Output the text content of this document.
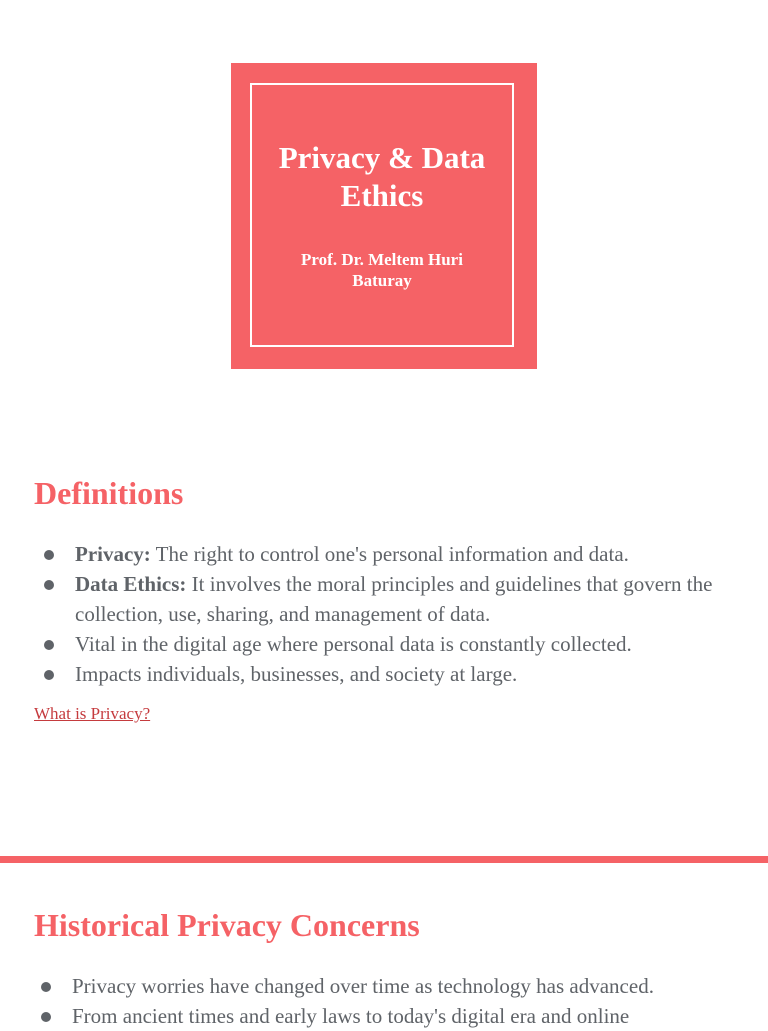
Privacy & Data Ethics
Prof. Dr. Meltem Huri Baturay
Definitions
Privacy: The right to control one's personal information and data.
Data Ethics: It involves the moral principles and guidelines that govern the collection, use, sharing, and management of data.
Vital in the digital age where personal data is constantly collected.
Impacts individuals, businesses, and society at large.
What is Privacy?
Historical Privacy Concerns
Privacy worries have changed over time as technology has advanced.
From ancient times and early laws to today's digital era and online
